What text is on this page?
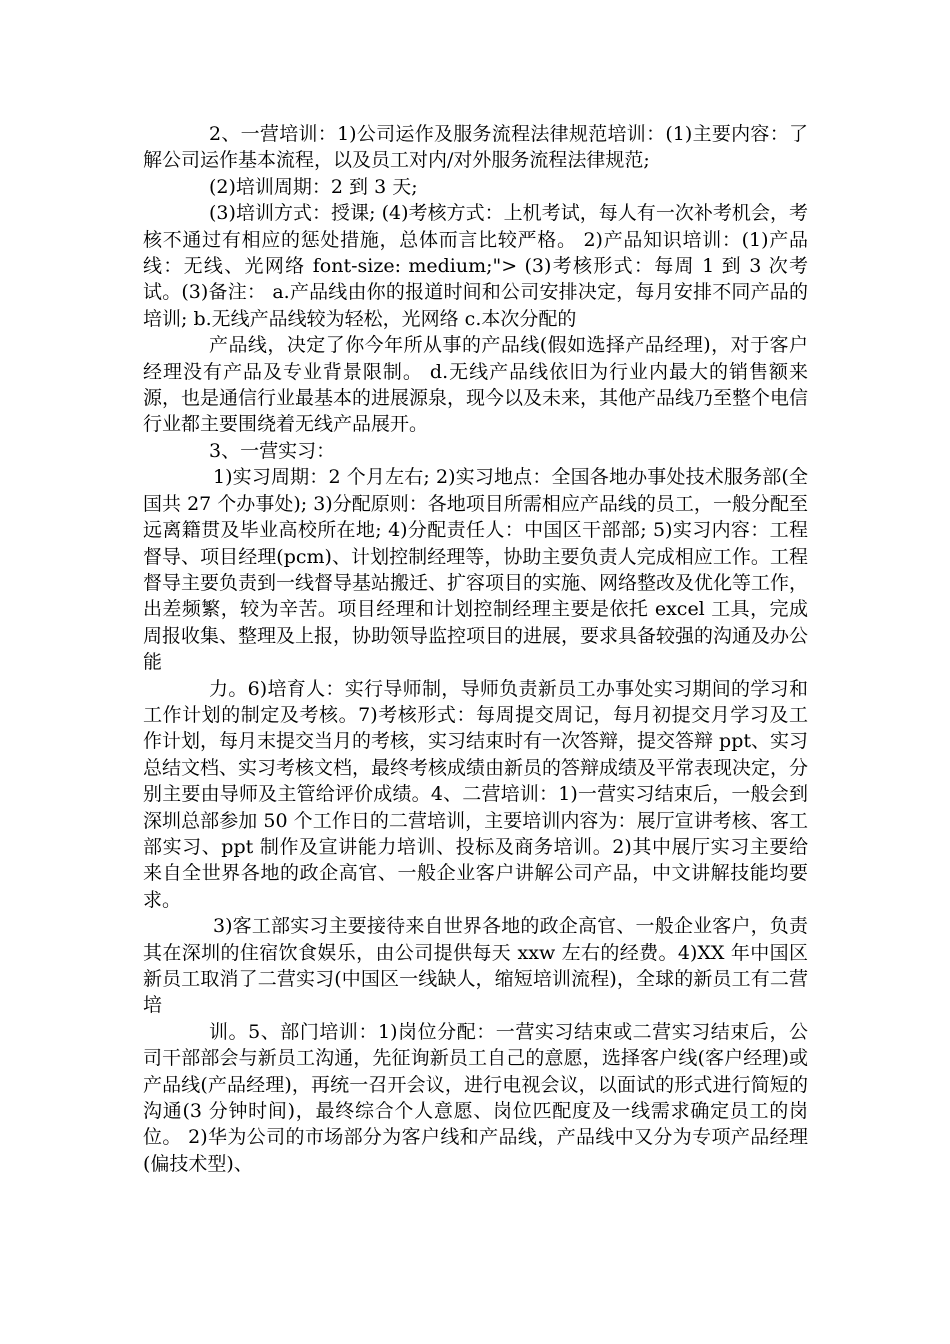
2、一营培训：1)公司运作及服务流程法律规范培训：(1)主要内容：了解公司运作基本流程，以及员工对内/对外服务流程法律规范;

(2)培训周期：2 到 3 天;

(3)培训方式：授课; (4)考核方式：上机考试，每人有一次补考机会，考核不通过有相应的惩处措施，总体而言比较严格。 2)产品知识培训：(1)产品线：无线、光网络 font-size: medium;"> (3)考核形式：每周 1 到 3 次考试。(3)备注： a.产品线由你的报道时间和公司安排决定，每月安排不同产品的培训; b.无线产品线较为轻松，光网络 c.本次分配的

产品线，决定了你今年所从事的产品线(假如选择产品经理)，对于客户经理没有产品及专业背景限制。 d.无线产品线依旧为行业内最大的销售额来源，也是通信行业最基本的进展源泉，现今以及未来，其他产品线乃至整个电信行业都主要围绕着无线产品展开。

3、一营实习：

1)实习周期：2 个月左右; 2)实习地点：全国各地办事处技术服务部(全国共 27 个办事处); 3)分配原则：各地项目所需相应产品线的员工，一般分配至远离籍贯及毕业高校所在地; 4)分配责任人：中国区干部部; 5)实习内容：工程督导、项目经理(pcm)、计划控制经理等，协助主要负责人完成相应工作。工程督导主要负责到一线督导基站搬迁、扩容项目的实施、网络整改及优化等工作，出差频繁，较为辛苦。项目经理和计划控制经理主要是依托 excel 工具，完成周报收集、整理及上报，协助领导监控项目的进展，要求具备较强的沟通及办公能

力。6)培育人：实行导师制，导师负责新员工办事处实习期间的学习和工作计划的制定及考核。7)考核形式：每周提交周记，每月初提交月学习及工作计划，每月末提交当月的考核，实习结束时有一次答辩，提交答辩 ppt、实习总结文档、实习考核文档，最终考核成绩由新员的答辩成绩及平常表现决定，分别主要由导师及主管给评价成绩。4、二营培训：1)一营实习结束后，一般会到深圳总部参加 50 个工作日的二营培训，主要培训内容为：展厅宣讲考核、客工部实习、ppt 制作及宣讲能力培训、投标及商务培训。2)其中展厅实习主要给来自全世界各地的政企高官、一般企业客户讲解公司产品，中文讲解技能均要求。

3)客工部实习主要接待来自世界各地的政企高官、一般企业客户，负责其在深圳的住宿饮食娱乐，由公司提供每天 xxw 左右的经费。4)XX 年中国区新员工取消了二营实习(中国区一线缺人，缩短培训流程)，全球的新员工有二营培

训。5、部门培训：1)岗位分配：一营实习结束或二营实习结束后，公司干部部会与新员工沟通，先征询新员工自己的意愿，选择客户线(客户经理)或产品线(产品经理)，再统一召开会议，进行电视会议，以面试的形式进行简短的沟通(3 分钟时间)，最终综合个人意愿、岗位匹配度及一线需求确定员工的岗位。 2)华为公司的市场部分为客户线和产品线，产品线中又分为专项产品经理(偏技术型)、
